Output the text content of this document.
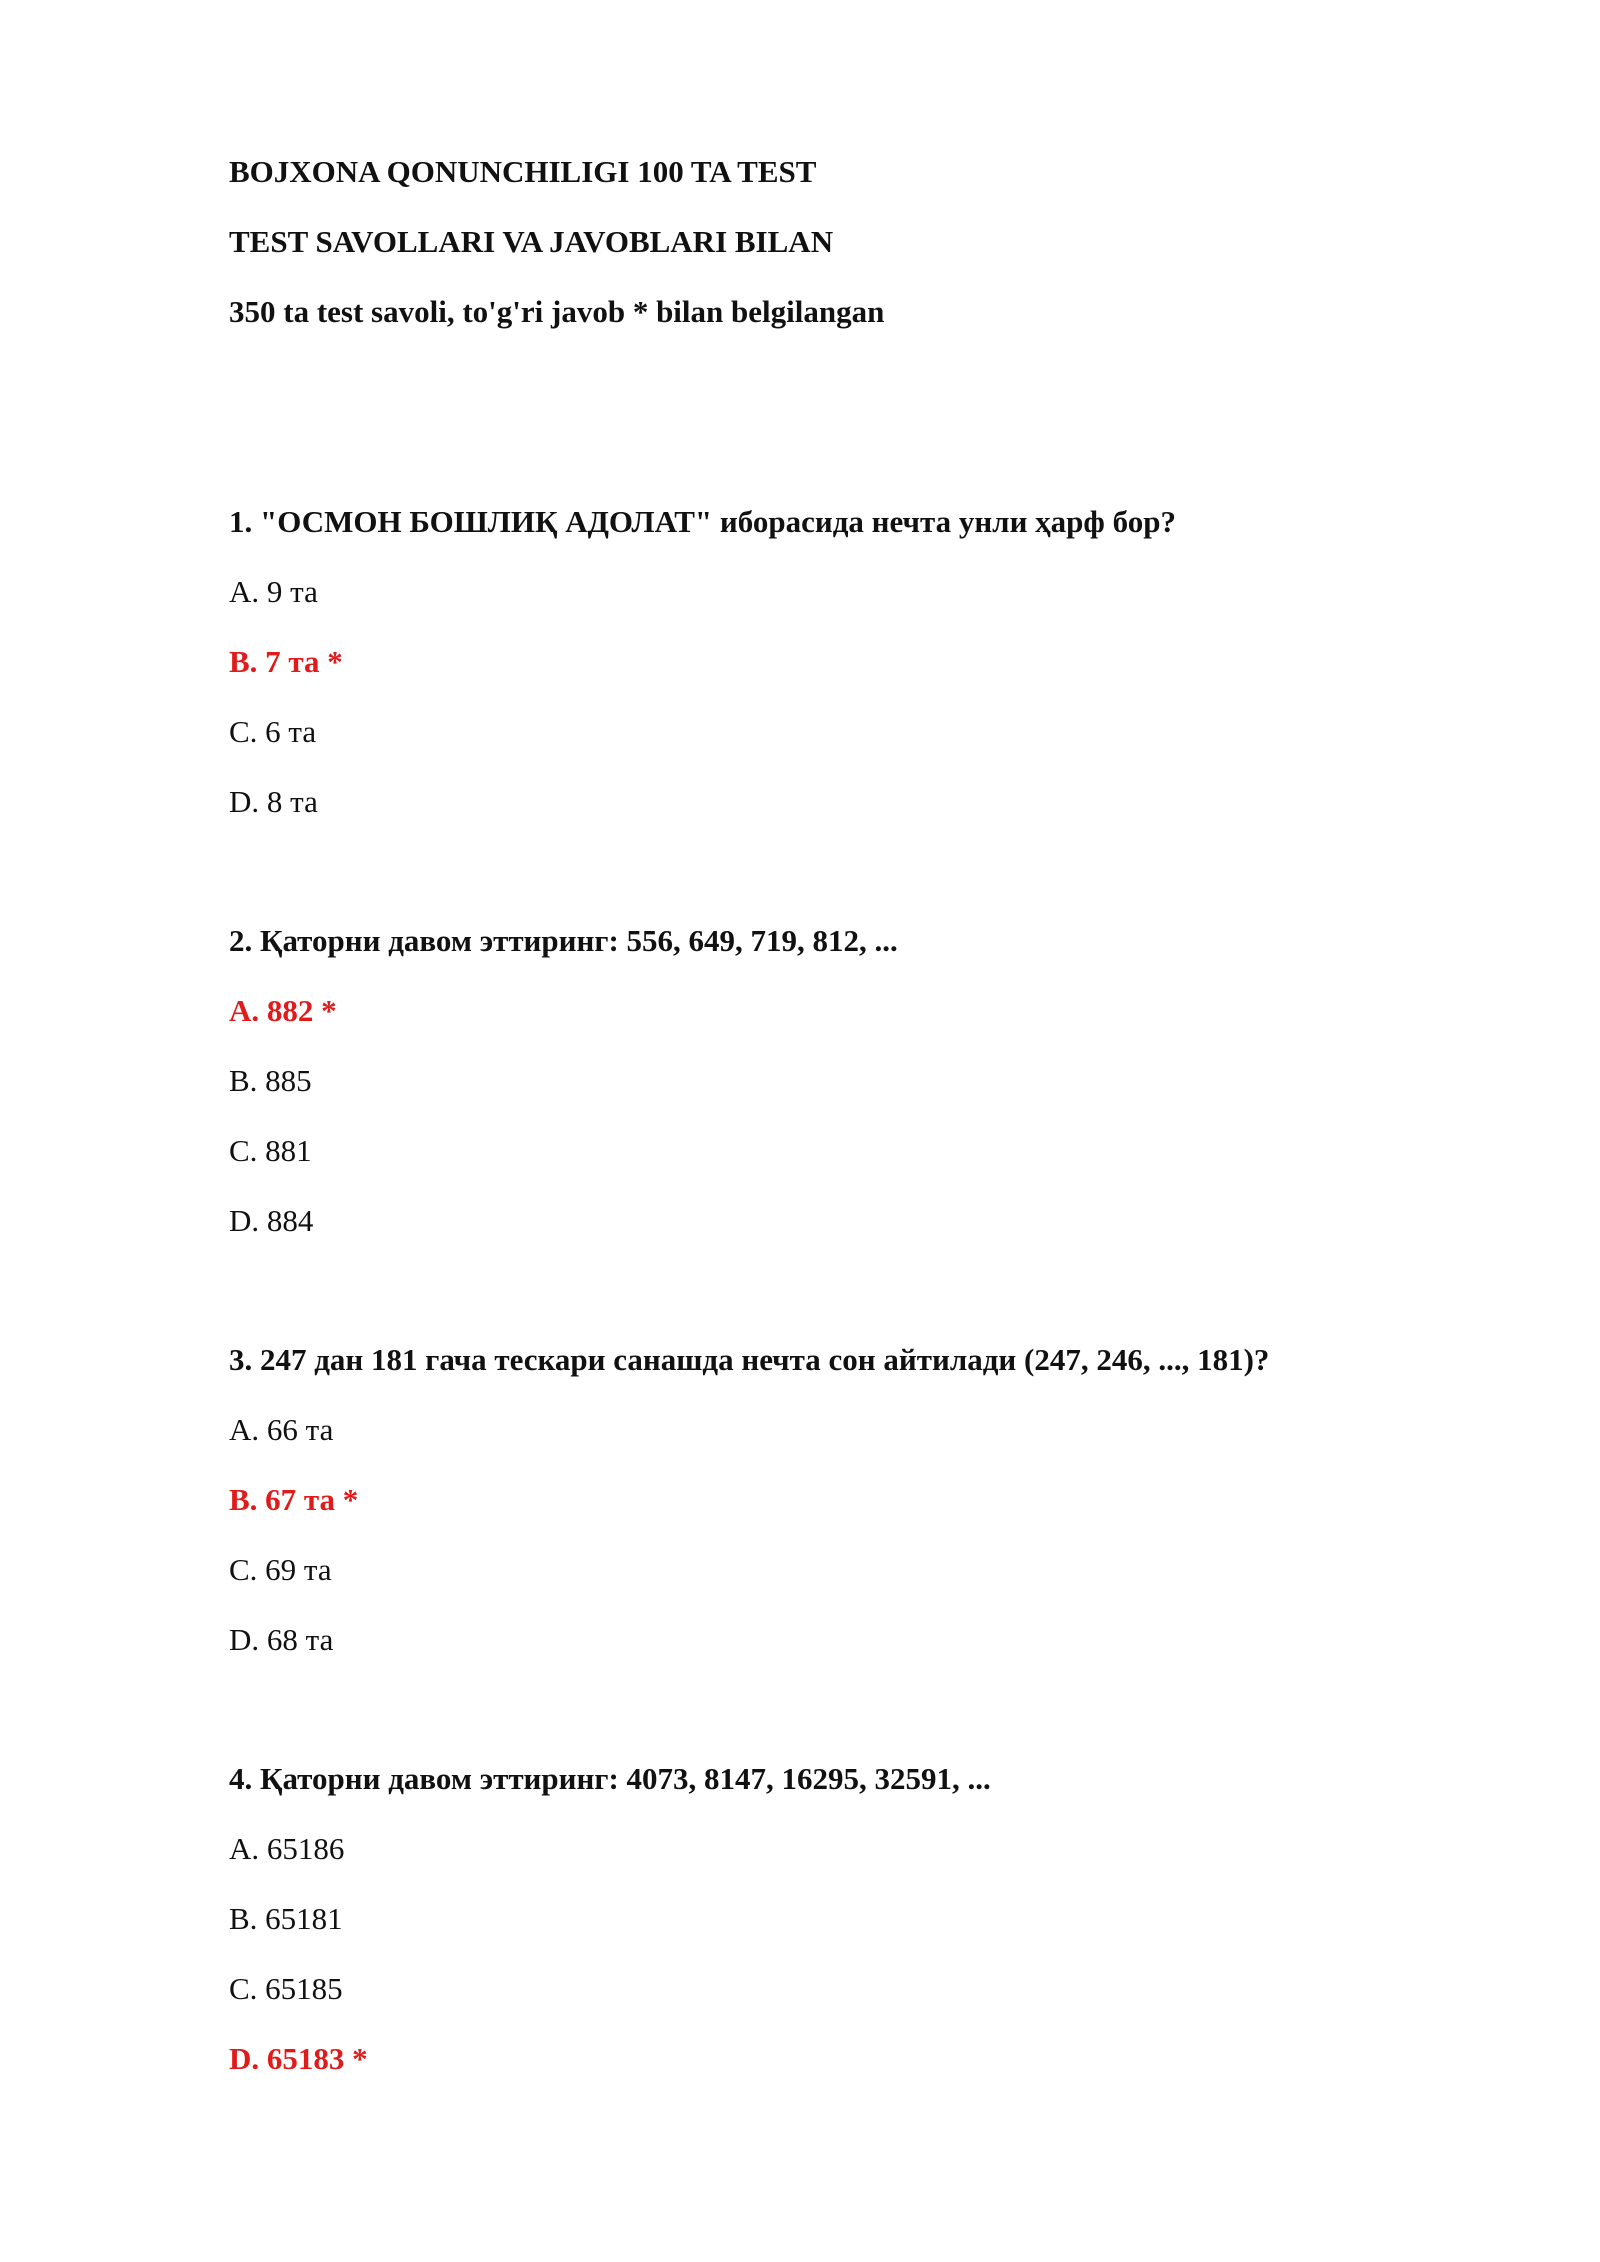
BOJXONA QONUNCHILIGI 100 TA TEST
TEST SAVOLLARI VA JAVOBLARI BILAN
350 ta test savoli, to'g'ri javob * bilan belgilangan
1. "ОСМОН БОШЛИҚ АДОЛАТ" иборасида нечта унли ҳарф бор?
A. 9 та
B. 7 та *
C. 6 та
D. 8 та
2. Қаторни давом эттиринг: 556, 649, 719, 812, ...
A. 882 *
B. 885
C. 881
D. 884
3. 247 дан 181 гача тескари санашда нечта сон айтилади (247, 246, ..., 181)?
A. 66 та
B. 67 та *
C. 69 та
D. 68 та
4. Қаторни давом эттиринг: 4073, 8147, 16295, 32591, ...
A. 65186
B. 65181
C. 65185
D. 65183 *
